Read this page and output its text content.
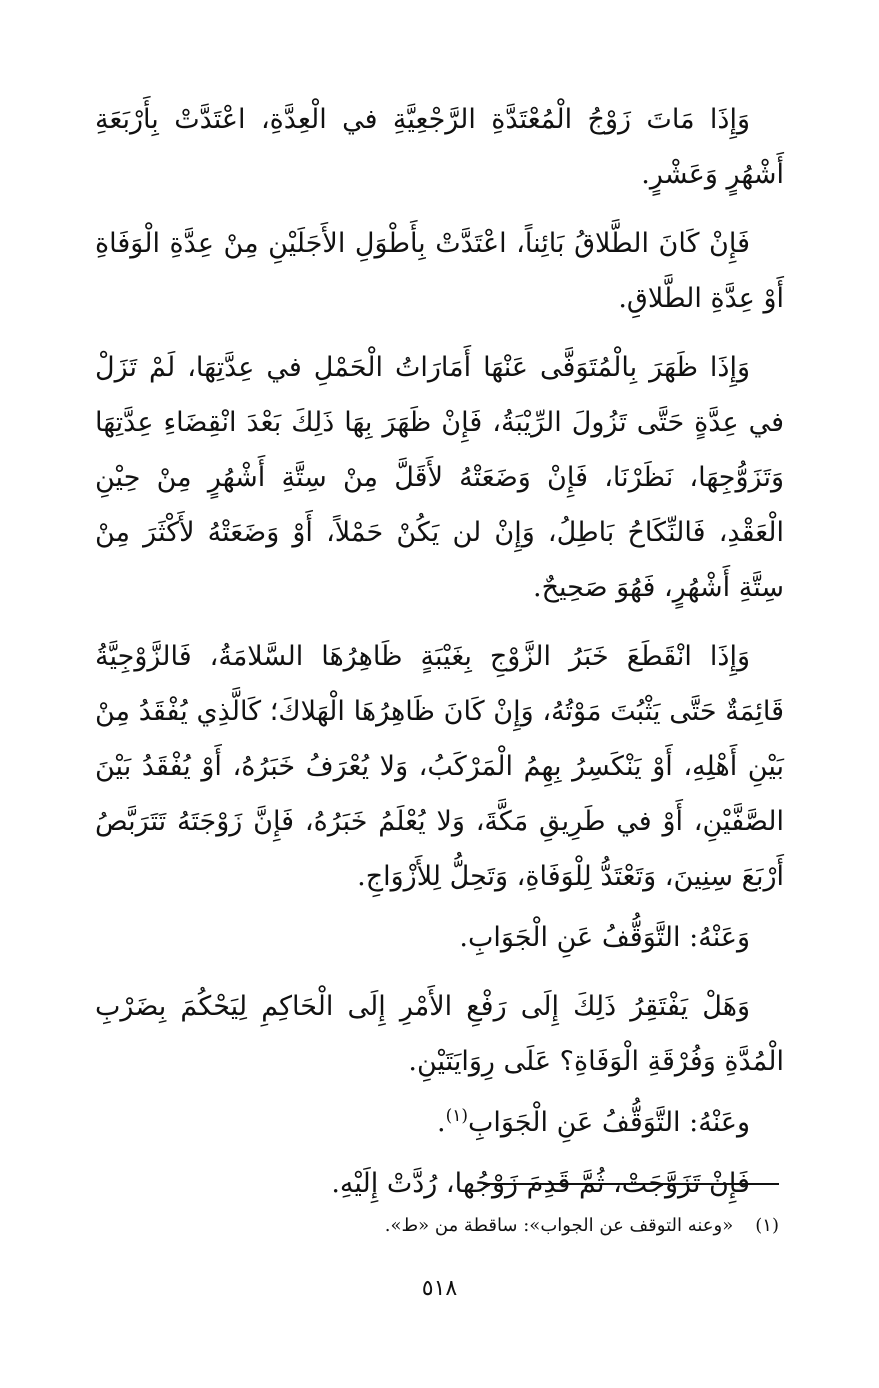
وَإِذَا مَاتَ زَوْجُ الْمُعْتَدَّةِ الرَّجْعِيَّةِ في الْعِدَّةِ، اعْتَدَّتْ بِأَرْبَعَةِ أَشْهُرٍ وَعَشْرٍ.

فَإِنْ كَانَ الطَّلاقُ بَائِناً، اعْتَدَّتْ بِأَطْوَلِ الأَجَلَيْنِ مِنْ عِدَّةِ الْوَفَاةِ أَوْ عِدَّةِ الطَّلاقِ.

وَإِذَا ظَهَرَ بِالْمُتَوَفَّى عَنْهَا أَمَارَاتُ الْحَمْلِ في عِدَّتِهَا، لَمْ تَزَلْ في عِدَّةٍ حَتَّى تَزُولَ الرِّيْبَةُ، فَإِنْ ظَهَرَ بِهَا ذَلِكَ بَعْدَ انْقِضَاءِ عِدَّتِهَا وَتَزَوُّجِهَا، نَظَرْنَا، فَإِنْ وَضَعَتْهُ لأَقَلَّ مِنْ سِتَّةِ أَشْهُرٍ مِنْ حِيْنِ الْعَقْدِ، فَالنِّكَاحُ بَاطِلُ، وَإِنْ لن يَكُنْ حَمْلاً، أَوْ وَضَعَتْهُ لأَكْثَرَ مِنْ سِتَّةِ أَشْهُرٍ، فَهُوَ صَحِيحٌ.

وَإِذَا انْقَطَعَ خَبَرُ الزَّوْجِ بِغَيْبَةٍ ظَاهِرُهَا السَّلامَةُ، فَالزَّوْجِيَّةُ قَائِمَةٌ حَتَّى يَثْبُتَ مَوْتُهُ، وَإِنْ كَانَ ظَاهِرُهَا الْهَلاكَ؛ كَالَّذِي يُفْقَدُ مِنْ بَيْنِ أَهْلِهِ، أَوْ يَنْكَسِرُ بِهِمُ الْمَرْكَبُ، وَلا يُعْرَفُ خَبَرُهُ، أَوْ يُفْقَدُ بَيْنَ الصَّفَّيْنِ، أَوْ في طَرِيقِ مَكَّةَ، وَلا يُعْلَمُ خَبَرُهُ، فَإِنَّ زَوْجَتَهُ تَتَرَبَّصُ أَرْبَعَ سِنِينَ، وَتَعْتَدُّ لِلْوَفَاةِ، وَتَحِلُّ لِلأَزْوَاجِ.

وَعَنْهُ: التَّوَقُّفُ عَنِ الْجَوَابِ.

وَهَلْ يَفْتَقِرُ ذَلِكَ إِلَى رَفْعِ الأَمْرِ إِلَى الْحَاكِمِ لِيَحْكُمَ بِضَرْبِ الْمُدَّةِ وَفُرْقَةِ الْوَفَاةِ؟ عَلَى رِوَايَتَيْنِ.

وعَنْهُ: التَّوَقُّفُ عَنِ الْجَوَابِ$^{(١)}$.

فَإِنْ تَزَوَّجَتْ، ثُمَّ قَدِمَ زَوْجُها، رُدَّتْ إِلَيْهِ.

(١)«وعنه التوقف عن الجواب»: ساقطة من «ط».
٥١٨
